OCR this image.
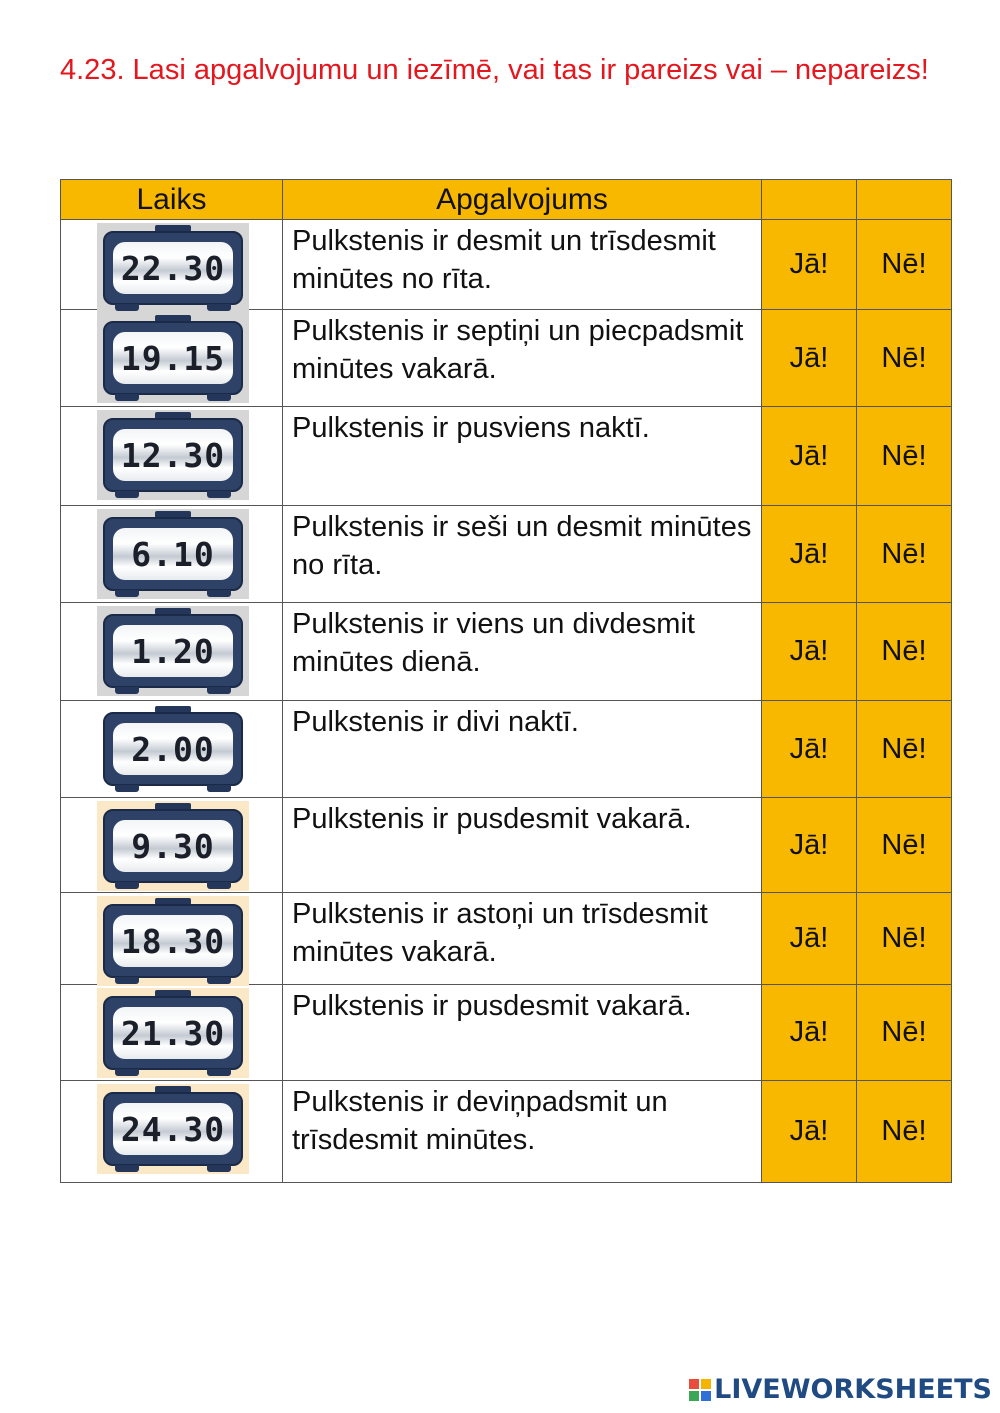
4.23. Lasi apgalvojumu un iezīmē, vai tas ir pareizs vai – nepareizs!
Laiks	Apgalvojums		

22.30	Pulkstenis ir desmit un trīsdesmit minūtes no rīta.	Jā!	Nē!

19.15	Pulkstenis ir septiņi un piecpadsmit minūtes vakarā.	Jā!	Nē!

12.30	Pulkstenis ir pusviens naktī.	Jā!	Nē!

6.10	Pulkstenis ir seši un desmit minūtes no rīta.	Jā!	Nē!

1.20	Pulkstenis ir viens un divdesmit minūtes dienā.	Jā!	Nē!

2.00	Pulkstenis ir divi naktī.	Jā!	Nē!

9.30	Pulkstenis ir pusdesmit vakarā.	Jā!	Nē!

18.30	Pulkstenis ir astoņi un trīsdesmit minūtes vakarā.	Jā!	Nē!

21.30	Pulkstenis ir pusdesmit vakarā.	Jā!	Nē!

24.30	Pulkstenis ir deviņpadsmit un trīsdesmit minūtes.	Jā!	Nē!
LIVEWORKSHEETS
